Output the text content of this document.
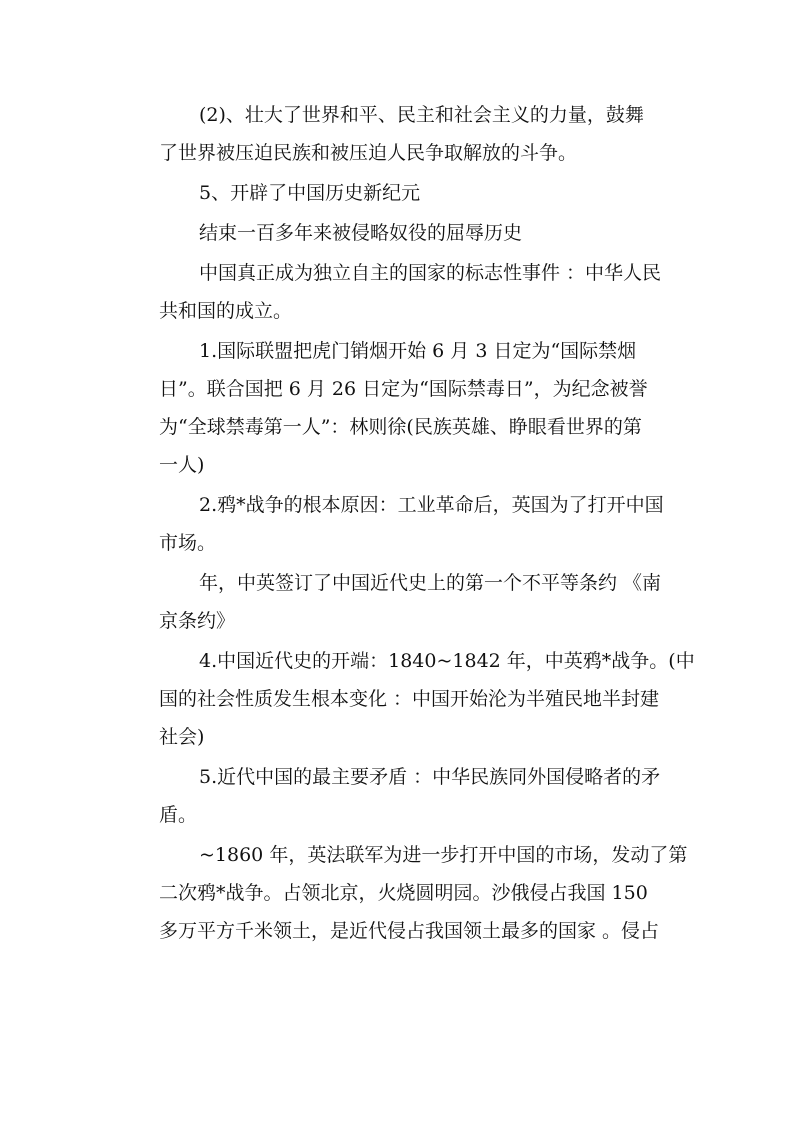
(2)、壮大了世界和平、民主和社会主义的力量，鼓舞
了世界被压迫民族和被压迫人民争取解放的斗争。
5、开辟了中国历史新纪元
结束一百多年来被侵略奴役的屈辱历史
中国真正成为独立自主的国家的标志性事件 ：中华人民
共和国的成立。
1.国际联盟把虎门销烟开始 6 月 3 日定为“国际禁烟
日”。联合国把 6 月 26 日定为“国际禁毒日”，为纪念被誉
为“全球禁毒第一人”：林则徐(民族英雄、睁眼看世界的第
一人)
2.鸦*战争的根本原因：工业革命后，英国为了打开中国
市场。
年，中英签订了中国近代史上的第一个不平等条约 《南
京条约》
4.中国近代史的开端：1840~1842 年，中英鸦*战争。(中
国的社会性质发生根本变化 ：中国开始沦为半殖民地半封建
社会)
5.近代中国的最主要矛盾 ：中华民族同外国侵略者的矛
盾。
~1860 年，英法联军为进一步打开中国的市场，发动了第
二次鸦*战争。占领北京，火烧圆明园。沙俄侵占我国 150
多万平方千米领土，是近代侵占我国领土最多的国家 。侵占
